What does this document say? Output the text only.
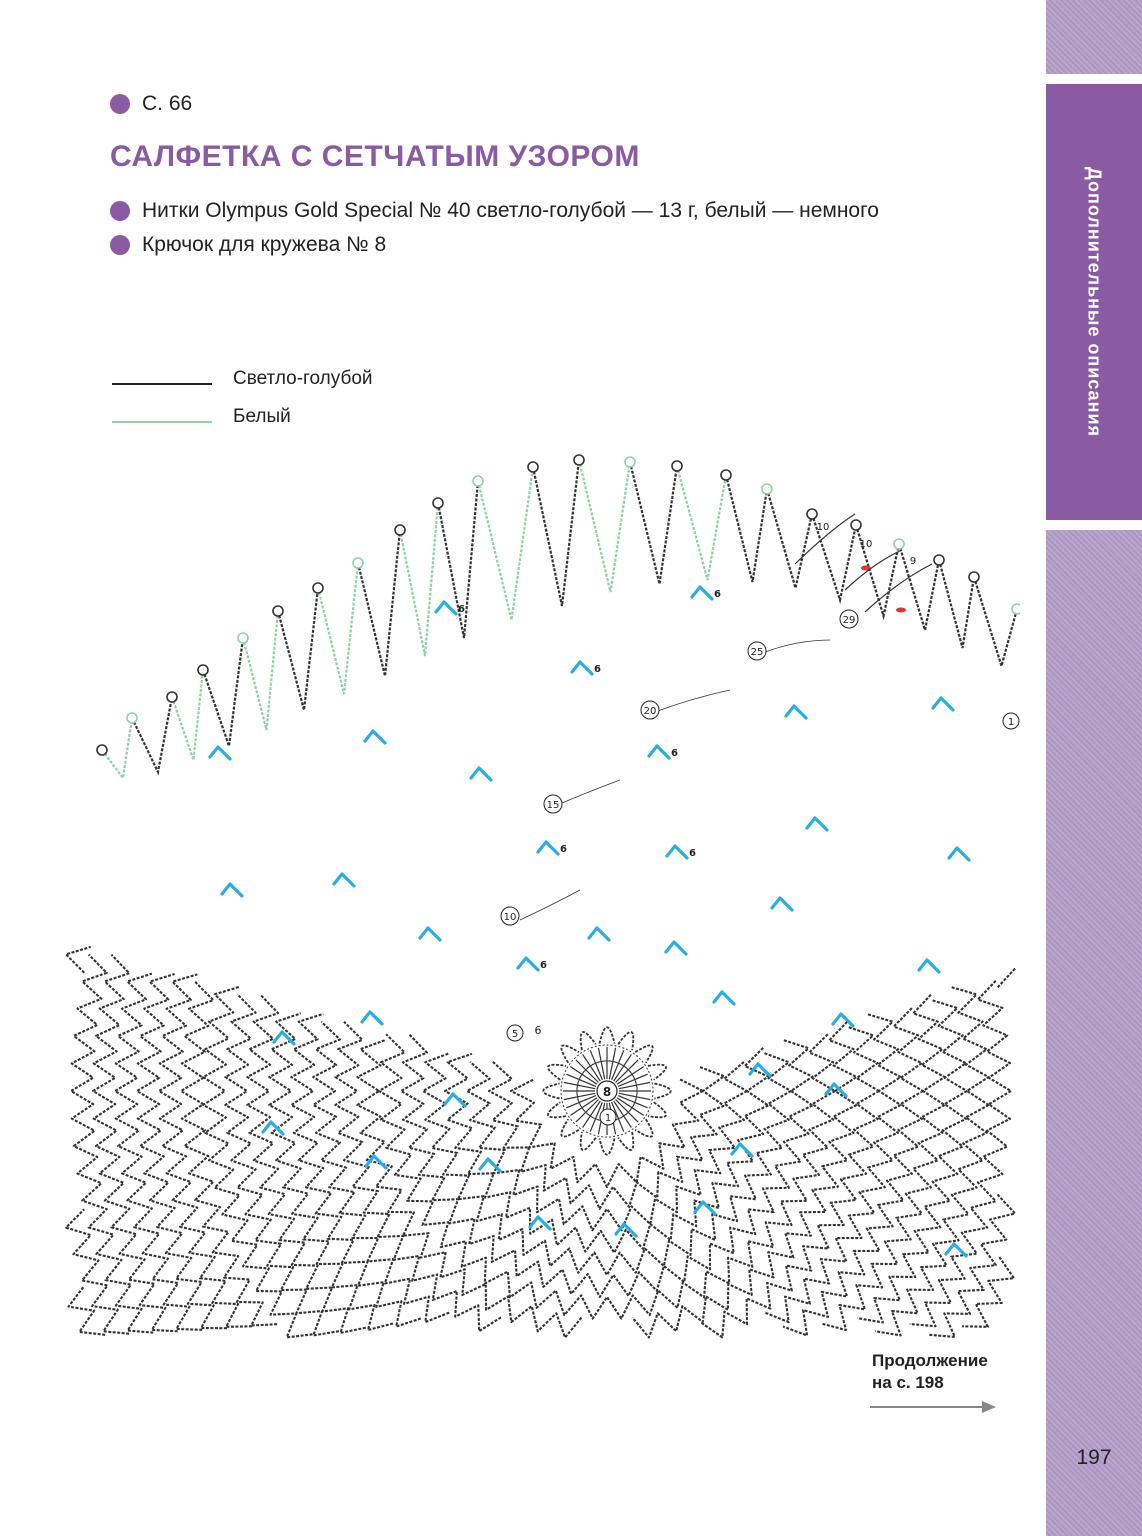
Дополнительные описания
197
С. 66
САЛФЕТКА С СЕТЧАТЫМ УЗОРОМ
Нитки Olympus Gold Special № 40 светло-голубой — 13 г, белый — немного
Крючок для кружева № 8
Светло-голубой
Белый
8
1
5 6
10
15
20
25
29
1
10
10
9
6
6
6
6
6	6
6
Продолжение
на с. 198
